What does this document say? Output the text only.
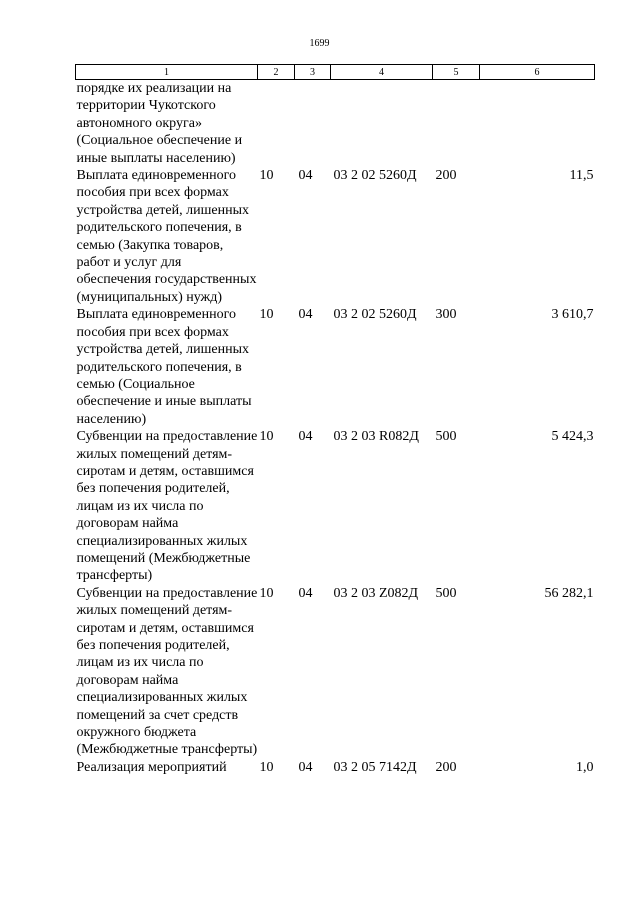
1699
1	2	3	4	5	6
порядке их реализации на территории Чукотского автономного округа» (Социальное обеспечение и иные выплаты населению)					
Выплата единовременного пособия при всех формах устройства детей, лишенных родительского попечения, в семью (Закупка товаров, работ и услуг для обеспечения государственных (муниципальных) нужд)	10	04	03 2 02 5260Д	200	11,5
Выплата единовременного пособия при всех формах устройства детей, лишенных родительского попечения, в семью (Социальное обеспечение и иные выплаты населению)	10	04	03 2 02 5260Д	300	3 610,7
Субвенции на предоставление жилых помещений детям-сиротам и детям, оставшимся без попечения родителей, лицам из их числа по договорам найма специализированных жилых помещений (Межбюджетные трансферты)	10	04	03 2 03 R082Д	500	5 424,3
Субвенции на предоставление жилых помещений детям-сиротам и детям, оставшимся без попечения родителей, лицам из их числа по договорам найма специализированных жилых помещений за счет средств окружного бюджета (Межбюджетные трансферты)	10	04	03 2 03 Z082Д	500	56 282,1
Реализация мероприятий	10	04	03 2 05 7142Д	200	1,0
